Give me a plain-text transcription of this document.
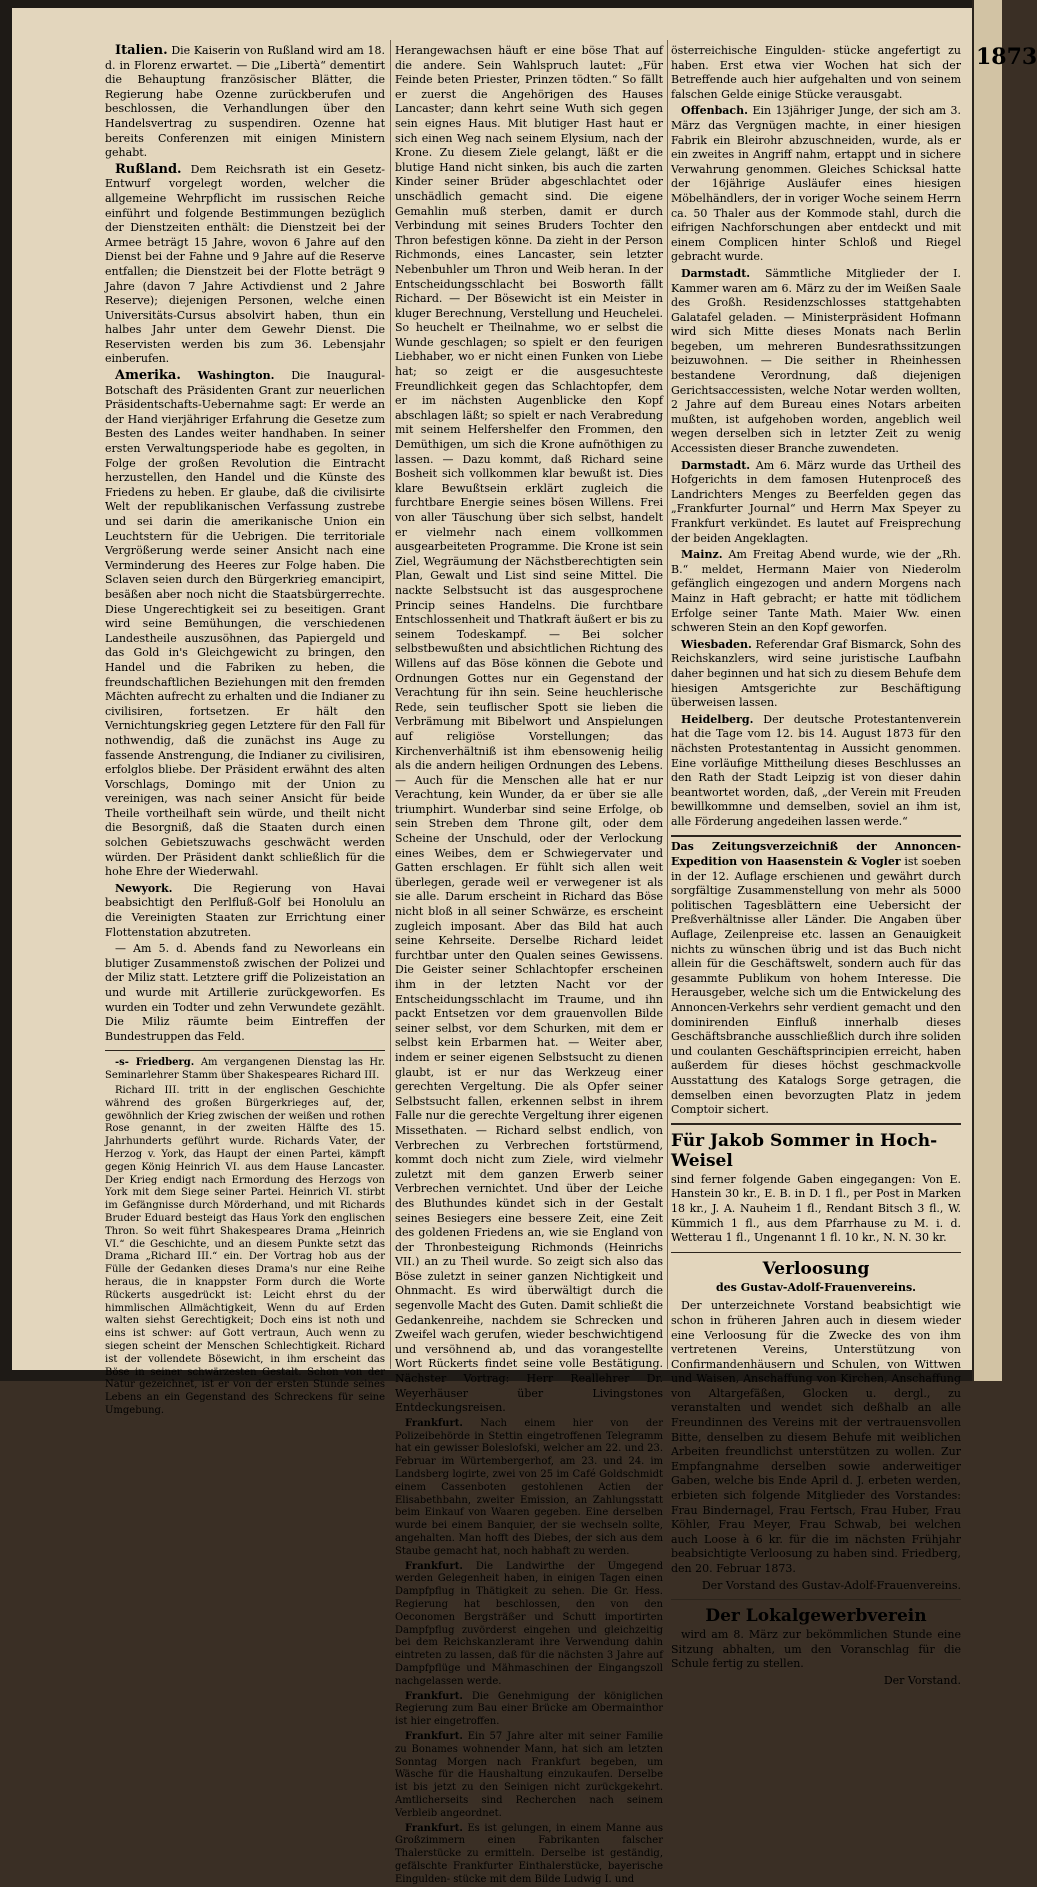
Italien. Die Kaiserin von Rußland wird am 18. d. in Florenz erwartet. — Die „Libertà“ dementirt die Behauptung französischer Blätter, die Regierung habe Ozenne zurückberufen und beschlossen, die Verhandlungen über den Handelsvertrag zu suspendiren. Ozenne hat bereits Conferenzen mit einigen Ministern gehabt.

Rußland. Dem Reichsrath ist ein Gesetz-Entwurf vorgelegt worden, welcher die allgemeine Wehrpflicht im russischen Reiche einführt und folgende Bestimmungen bezüglich der Dienstzeiten enthält: die Dienstzeit bei der Armee beträgt 15 Jahre, wovon 6 Jahre auf den Dienst bei der Fahne und 9 Jahre auf die Reserve entfallen; die Dienstzeit bei der Flotte beträgt 9 Jahre (davon 7 Jahre Activdienst und 2 Jahre Reserve); diejenigen Personen, welche einen Universitäts-Cursus absolvirt haben, thun ein halbes Jahr unter dem Gewehr Dienst. Die Reservisten werden bis zum 36. Lebensjahr einberufen.

Amerika. Washington. Die Inaugural-Botschaft des Präsidenten Grant zur neuerlichen Präsidentschafts-Uebernahme sagt: Er werde an der Hand vierjähriger Erfahrung die Gesetze zum Besten des Landes weiter handhaben. In seiner ersten Verwaltungsperiode habe es gegolten, in Folge der großen Revolution die Eintracht herzustellen, den Handel und die Künste des Friedens zu heben. Er glaube, daß die civilisirte Welt der republikanischen Verfassung zustrebe und sei darin die amerikanische Union ein Leuchtstern für die Uebrigen. Die territoriale Vergrößerung werde seiner Ansicht nach eine Verminderung des Heeres zur Folge haben. Die Sclaven seien durch den Bürgerkrieg emancipirt, besäßen aber noch nicht die Staatsbürgerrechte. Diese Ungerechtigkeit sei zu beseitigen. Grant wird seine Bemühungen, die verschiedenen Landestheile auszusöhnen, das Papiergeld und das Gold in's Gleichgewicht zu bringen, den Handel und die Fabriken zu heben, die freundschaftlichen Beziehungen mit den fremden Mächten aufrecht zu erhalten und die Indianer zu civilisiren, fortsetzen. Er hält den Vernichtungskrieg gegen Letztere für den Fall für nothwendig, daß die zunächst ins Auge zu fassende Anstrengung, die Indianer zu civilisiren, erfolglos bliebe. Der Präsident erwähnt des alten Vorschlags, Domingo mit der Union zu vereinigen, was nach seiner Ansicht für beide Theile vortheilhaft sein würde, und theilt nicht die Besorgniß, daß die Staaten durch einen solchen Gebietszuwachs geschwächt werden würden. Der Präsident dankt schließlich für die hohe Ehre der Wiederwahl.

Newyork. Die Regierung von Havai beabsichtigt den Perlfluß-Golf bei Honolulu an die Vereinigten Staaten zur Errichtung einer Flottenstation abzutreten.

— Am 5. d. Abends fand zu Neworleans ein blutiger Zusammenstoß zwischen der Polizei und der Miliz statt. Letztere griff die Polizeistation an und wurde mit Artillerie zurückgeworfen. Es wurden ein Todter und zehn Verwundete gezählt. Die Miliz räumte beim Eintreffen der Bundestruppen das Feld.

-s- Friedberg. Am vergangenen Dienstag las Hr. Seminarlehrer Stamm über Shakespeares Richard III.

Richard III. tritt in der englischen Geschichte während des großen Bürgerkrieges auf, der, gewöhnlich der Krieg zwischen der weißen und rothen Rose genannt, in der zweiten Hälfte des 15. Jahrhunderts geführt wurde. Richards Vater, der Herzog v. York, das Haupt der einen Partei, kämpft gegen König Heinrich VI. aus dem Hause Lancaster. Der Krieg endigt nach Ermordung des Herzogs von York mit dem Siege seiner Partei. Heinrich VI. stirbt im Gefängnisse durch Mörderhand, und mit Richards Bruder Eduard besteigt das Haus York den englischen Thron. So weit führt Shakespeares Drama „Heinrich VI.“ die Geschichte, und an diesem Punkte setzt das Drama „Richard III.“ ein. Der Vortrag hob aus der Fülle der Gedanken dieses Drama's nur eine Reihe heraus, die in knappster Form durch die Worte Rückerts ausgedrückt ist: Leicht ehrst du der himmlischen Allmächtigkeit, Wenn du auf Erden walten siehst Gerechtigkeit; Doch eins ist noth und eins ist schwer: auf Gott vertraun, Auch wenn zu siegen scheint der Menschen Schlechtigkeit. Richard ist der vollendete Bösewicht, in ihm erscheint das Böse in seiner schwärzesten Gestalt. Schon von der Natur gezeichnet, ist er von der ersten Stunde seines Lebens an ein Gegenstand des Schreckens für seine Umgebung.

Herangewachsen häuft er eine böse That auf die andere. Sein Wahlspruch lautet: „Für Feinde beten Priester, Prinzen tödten.“ So fällt er zuerst die Angehörigen des Hauses Lancaster; dann kehrt seine Wuth sich gegen sein eignes Haus. Mit blutiger Hast haut er sich einen Weg nach seinem Elysium, nach der Krone. Zu diesem Ziele gelangt, läßt er die blutige Hand nicht sinken, bis auch die zarten Kinder seiner Brüder abgeschlachtet oder unschädlich gemacht sind. Die eigene Gemahlin muß sterben, damit er durch Verbindung mit seines Bruders Tochter den Thron befestigen könne. Da zieht in der Person Richmonds, eines Lancaster, sein letzter Nebenbuhler um Thron und Weib heran. In der Entscheidungsschlacht bei Bosworth fällt Richard. — Der Bösewicht ist ein Meister in kluger Berechnung, Verstellung und Heuchelei. So heuchelt er Theilnahme, wo er selbst die Wunde geschlagen; so spielt er den feurigen Liebhaber, wo er nicht einen Funken von Liebe hat; so zeigt er die ausgesuchteste Freundlichkeit gegen das Schlachtopfer, dem er im nächsten Augenblicke den Kopf abschlagen läßt; so spielt er nach Verabredung mit seinem Helfershelfer den Frommen, den Demüthigen, um sich die Krone aufnöthigen zu lassen. — Dazu kommt, daß Richard seine Bosheit sich vollkommen klar bewußt ist. Dies klare Bewußtsein erklärt zugleich die furchtbare Energie seines bösen Willens. Frei von aller Täuschung über sich selbst, handelt er vielmehr nach einem vollkommen ausgearbeiteten Programme. Die Krone ist sein Ziel, Wegräumung der Nächstberechtigten sein Plan, Gewalt und List sind seine Mittel. Die nackte Selbstsucht ist das ausgesprochene Princip seines Handelns. Die furchtbare Entschlossenheit und Thatkraft äußert er bis zu seinem Todeskampf. — Bei solcher selbstbewußten und absichtlichen Richtung des Willens auf das Böse können die Gebote und Ordnungen Gottes nur ein Gegenstand der Verachtung für ihn sein. Seine heuchlerische Rede, sein teuflischer Spott sie lieben die Verbrämung mit Bibelwort und Anspielungen auf religiöse Vorstellungen; das Kirchenverhältniß ist ihm ebensowenig heilig als die andern heiligen Ordnungen des Lebens. — Auch für die Menschen alle hat er nur Verachtung, kein Wunder, da er über sie alle triumphirt. Wunderbar sind seine Erfolge, ob sein Streben dem Throne gilt, oder dem Scheine der Unschuld, oder der Verlockung eines Weibes, dem er Schwiegervater und Gatten erschlagen. Er fühlt sich allen weit überlegen, gerade weil er verwegener ist als sie alle. Darum erscheint in Richard das Böse nicht bloß in all seiner Schwärze, es erscheint zugleich imposant. Aber das Bild hat auch seine Kehrseite. Derselbe Richard leidet furchtbar unter den Qualen seines Gewissens. Die Geister seiner Schlachtopfer erscheinen ihm in der letzten Nacht vor der Entscheidungsschlacht im Traume, und ihn packt Entsetzen vor dem grauenvollen Bilde seiner selbst, vor dem Schurken, mit dem er selbst kein Erbarmen hat. — Weiter aber, indem er seiner eigenen Selbstsucht zu dienen glaubt, ist er nur das Werkzeug einer gerechten Vergeltung. Die als Opfer seiner Selbstsucht fallen, erkennen selbst in ihrem Falle nur die gerechte Vergeltung ihrer eigenen Missethaten. — Richard selbst endlich, von Verbrechen zu Verbrechen fortstürmend, kommt doch nicht zum Ziele, wird vielmehr zuletzt mit dem ganzen Erwerb seiner Verbrechen vernichtet. Und über der Leiche des Bluthundes kündet sich in der Gestalt seines Besiegers eine bessere Zeit, eine Zeit des goldenen Friedens an, wie sie England von der Thronbesteigung Richmonds (Heinrichs VII.) an zu Theil wurde. So zeigt sich also das Böse zuletzt in seiner ganzen Nichtigkeit und Ohnmacht. Es wird überwältigt durch die segenvolle Macht des Guten. Damit schließt die Gedankenreihe, nachdem sie Schrecken und Zweifel wach gerufen, wieder beschwichtigend und versöhnend ab, und das vorangestellte Wort Rückerts findet seine volle Bestätigung. Nächster Vortrag: Herr Reallehrer Dr. Weyerhäuser über Livingstones Entdeckungsreisen.

Frankfurt. Nach einem hier von der Polizeibehörde in Stettin eingetroffenen Telegramm hat ein gewisser Boleslofski, welcher am 22. und 23. Februar im Würtembergerhof, am 23. und 24. im Landsberg logirte, zwei von 25 im Café Goldschmidt einem Cassenboten gestohlenen Actien der Elisabethbahn, zweiter Emission, an Zahlungsstatt beim Einkauf von Waaren gegeben. Eine derselben wurde bei einem Banquier, der sie wechseln sollte, angehalten. Man hofft des Diebes, der sich aus dem Staube gemacht hat, noch habhaft zu werden.

Frankfurt. Die Landwirthe der Umgegend werden Gelegenheit haben, in einigen Tagen einen Dampfpflug in Thätigkeit zu sehen. Die Gr. Hess. Regierung hat beschlossen, den von den Oeconomen Bergsträßer und Schutt importirten Dampfpflug zuvörderst eingehen und gleichzeitig bei dem Reichskanzleramt ihre Verwendung dahin eintreten zu lassen, daß für die nächsten 3 Jahre auf Dampfpflüge und Mähmaschinen der Eingangszoll nachgelassen werde.

Frankfurt. Die Genehmigung der königlichen Regierung zum Bau einer Brücke am Obermainthor ist hier eingetroffen.

Frankfurt. Ein 57 Jahre alter mit seiner Familie zu Bonames wohnender Mann, hat sich am letzten Sonntag Morgen nach Frankfurt begeben, um Wäsche für die Haushaltung einzukaufen. Derselbe ist bis jetzt zu den Seinigen nicht zurückgekehrt. Amtlicherseits sind Recherchen nach seinem Verbleib angeordnet.

Frankfurt. Es ist gelungen, in einem Manne aus Großzimmern einen Fabrikanten falscher Thalerstücke zu ermitteln. Derselbe ist geständig, gefälschte Frankfurter Einthalerstücke, bayerische Eingulden- stücke mit dem Bilde Ludwig I. und

österreichische Eingulden- stücke angefertigt zu haben. Erst etwa vier Wochen hat sich der Betreffende auch hier aufgehalten und von seinem falschen Gelde einige Stücke verausgabt.

Offenbach. Ein 13jähriger Junge, der sich am 3. März das Vergnügen machte, in einer hiesigen Fabrik ein Bleirohr abzuschneiden, wurde, als er ein zweites in Angriff nahm, ertappt und in sichere Verwahrung genommen. Gleiches Schicksal hatte der 16jährige Ausläufer eines hiesigen Möbelhändlers, der in voriger Woche seinem Herrn ca. 50 Thaler aus der Kommode stahl, durch die eifrigen Nachforschungen aber entdeckt und mit einem Complicen hinter Schloß und Riegel gebracht wurde.

Darmstadt. Sämmtliche Mitglieder der I. Kammer waren am 6. März zu der im Weißen Saale des Großh. Residenzschlosses stattgehabten Galatafel geladen. — Ministerpräsident Hofmann wird sich Mitte dieses Monats nach Berlin begeben, um mehreren Bundesrathssitzungen beizuwohnen. — Die seither in Rheinhessen bestandene Verordnung, daß diejenigen Gerichtsaccessisten, welche Notar werden wollten, 2 Jahre auf dem Bureau eines Notars arbeiten mußten, ist aufgehoben worden, angeblich weil wegen derselben sich in letzter Zeit zu wenig Accessisten dieser Branche zuwendeten.

Darmstadt. Am 6. März wurde das Urtheil des Hofgerichts in dem famosen Hutenproceß des Landrichters Menges zu Beerfelden gegen das „Frankfurter Journal“ und Herrn Max Speyer zu Frankfurt verkündet. Es lautet auf Freisprechung der beiden Angeklagten.

Mainz. Am Freitag Abend wurde, wie der „Rh. B.“ meldet, Hermann Maier von Niederolm gefänglich eingezogen und andern Morgens nach Mainz in Haft gebracht; er hatte mit tödlichem Erfolge seiner Tante Math. Maier Ww. einen schweren Stein an den Kopf geworfen.

Wiesbaden. Referendar Graf Bismarck, Sohn des Reichskanzlers, wird seine juristische Laufbahn daher beginnen und hat sich zu diesem Behufe dem hiesigen Amtsgerichte zur Beschäftigung überweisen lassen.

Heidelberg. Der deutsche Protestantenverein hat die Tage vom 12. bis 14. August 1873 für den nächsten Protestantentag in Aussicht genommen. Eine vorläufige Mittheilung dieses Beschlusses an den Rath der Stadt Leipzig ist von dieser dahin beantwortet worden, daß, „der Verein mit Freuden bewillkommne und demselben, soviel an ihm ist, alle Förderung angedeihen lassen werde.“

Das Zeitungsverzeichniß der Annoncen-Expedition von Haasenstein & Vogler ist soeben in der 12. Auflage erschienen und gewährt durch sorgfältige Zusammenstellung von mehr als 5000 politischen Tagesblättern eine Uebersicht der Preßverhältnisse aller Länder. Die Angaben über Auflage, Zeilenpreise etc. lassen an Genauigkeit nichts zu wünschen übrig und ist das Buch nicht allein für die Geschäftswelt, sondern auch für das gesammte Publikum von hohem Interesse. Die Herausgeber, welche sich um die Entwickelung des Annoncen-Verkehrs sehr verdient gemacht und den dominirenden Einfluß innerhalb dieses Geschäftsbranche ausschließlich durch ihre soliden und coulanten Geschäftsprincipien erreicht, haben außerdem für dieses höchst geschmackvolle Ausstattung des Katalogs Sorge getragen, die demselben einen bevorzugten Platz in jedem Comptoir sichert.

Für Jakob Sommer in Hoch-Weisel

sind ferner folgende Gaben eingegangen: Von E. Hanstein 30 kr., E. B. in D. 1 fl., per Post in Marken 18 kr., J. A. Nauheim 1 fl., Rendant Bitsch 3 fl., W. Kümmich 1 fl., aus dem Pfarrhause zu M. i. d. Wetterau 1 fl., Ungenannt 1 fl. 10 kr., N. N. 30 kr.

Verloosung
des Gustav-Adolf-Frauenvereins.

Der unterzeichnete Vorstand beabsichtigt wie schon in früheren Jahren auch in diesem wieder eine Verloosung für die Zwecke des von ihm vertretenen Vereins, Unterstützung von Confirmandenhäusern und Schulen, von Wittwen und Waisen, Anschaffung von Kirchen, Anschaffung von Altargefäßen, Glocken u. dergl., zu veranstalten und wendet sich deßhalb an alle Freundinnen des Vereins mit der vertrauensvollen Bitte, denselben zu diesem Behufe mit weiblichen Arbeiten freundlichst unterstützen zu wollen. Zur Empfangnahme derselben sowie anderweitiger Gaben, welche bis Ende April d. J. erbeten werden, erbieten sich folgende Mitglieder des Vorstandes: Frau Bindernagel, Frau Fertsch, Frau Huber, Frau Köhler, Frau Meyer, Frau Schwab, bei welchen auch Loose à 6 kr. für die im nächsten Frühjahr beabsichtigte Verloosung zu haben sind. Friedberg, den 20. Februar 1873.

Der Vorstand des Gustav-Adolf-Frauenvereins.

Der Lokalgewerbverein

wird am 8. März zur bekömmlichen Stunde eine Sitzung abhalten, um den Voranschlag für die Schule fertig zu stellen.

Der Vorstand.

1873
